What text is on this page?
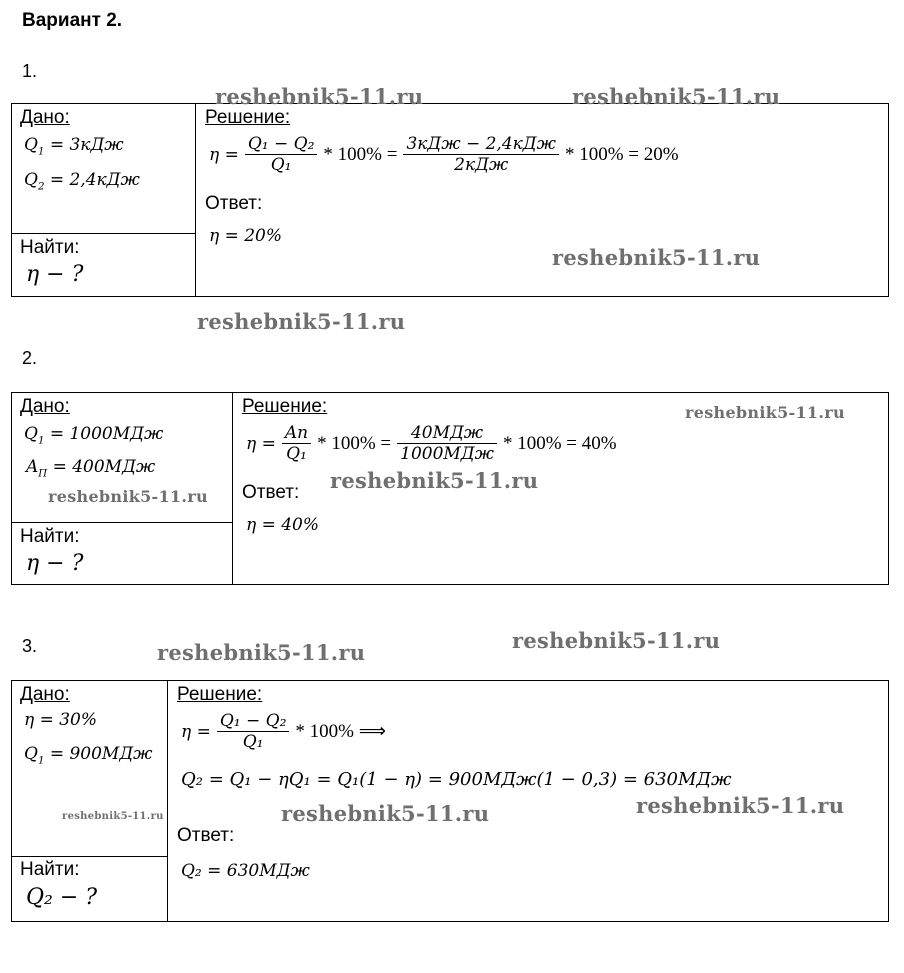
Вариант 2.
1.
Дано:
$Q_1 = 3кДж$
$Q_2 = 2,4кДж$
Найти:
η − ?
Решение:
$\eta = \frac{\text{Q₁ − Q₂}}{\text{Q₁}} * 100\% = \frac{\text{3кДж − 2,4кДж}}{\text{2кДж}} * 100\% = 20\%$
Ответ:
η = 20%
2.
Дано:
$Q_1 = 1000МДж$
$A_П = 400МДж$
Найти:
η − ?
Решение:
$\eta = \frac{Aп}{\text{Q₁}} * 100\% = \frac{\text{40МДж}}{\text{1000МДж}} * 100\% = 40\%$
Ответ:
η = 40%
3.
Дано:
η = 30%
$Q_1 = 900МДж$
Найти:
Q₂ − ?
Решение:
$\eta = \frac{\text{Q₁ − Q₂}}{\text{Q₁}} * 100\%$ ⟹
Q₂ = Q₁ − ηQ₁ = Q₁(1 − η) = 900МДж(1 − 0,3) = 630МДж
Ответ:
Q₂ = 630МДж
reshebnik5-11.ru	reshebnik5-11.ru
reshebnik5-11.ru
reshebnik5-11.ru
reshebnik5-11.ru
reshebnik5-11.ru
reshebnik5-11.ru
reshebnik5-11.ru
reshebnik5-11.ru
reshebnik5-11.ru
reshebnik5-11.ru
reshebnik5-11.ru
